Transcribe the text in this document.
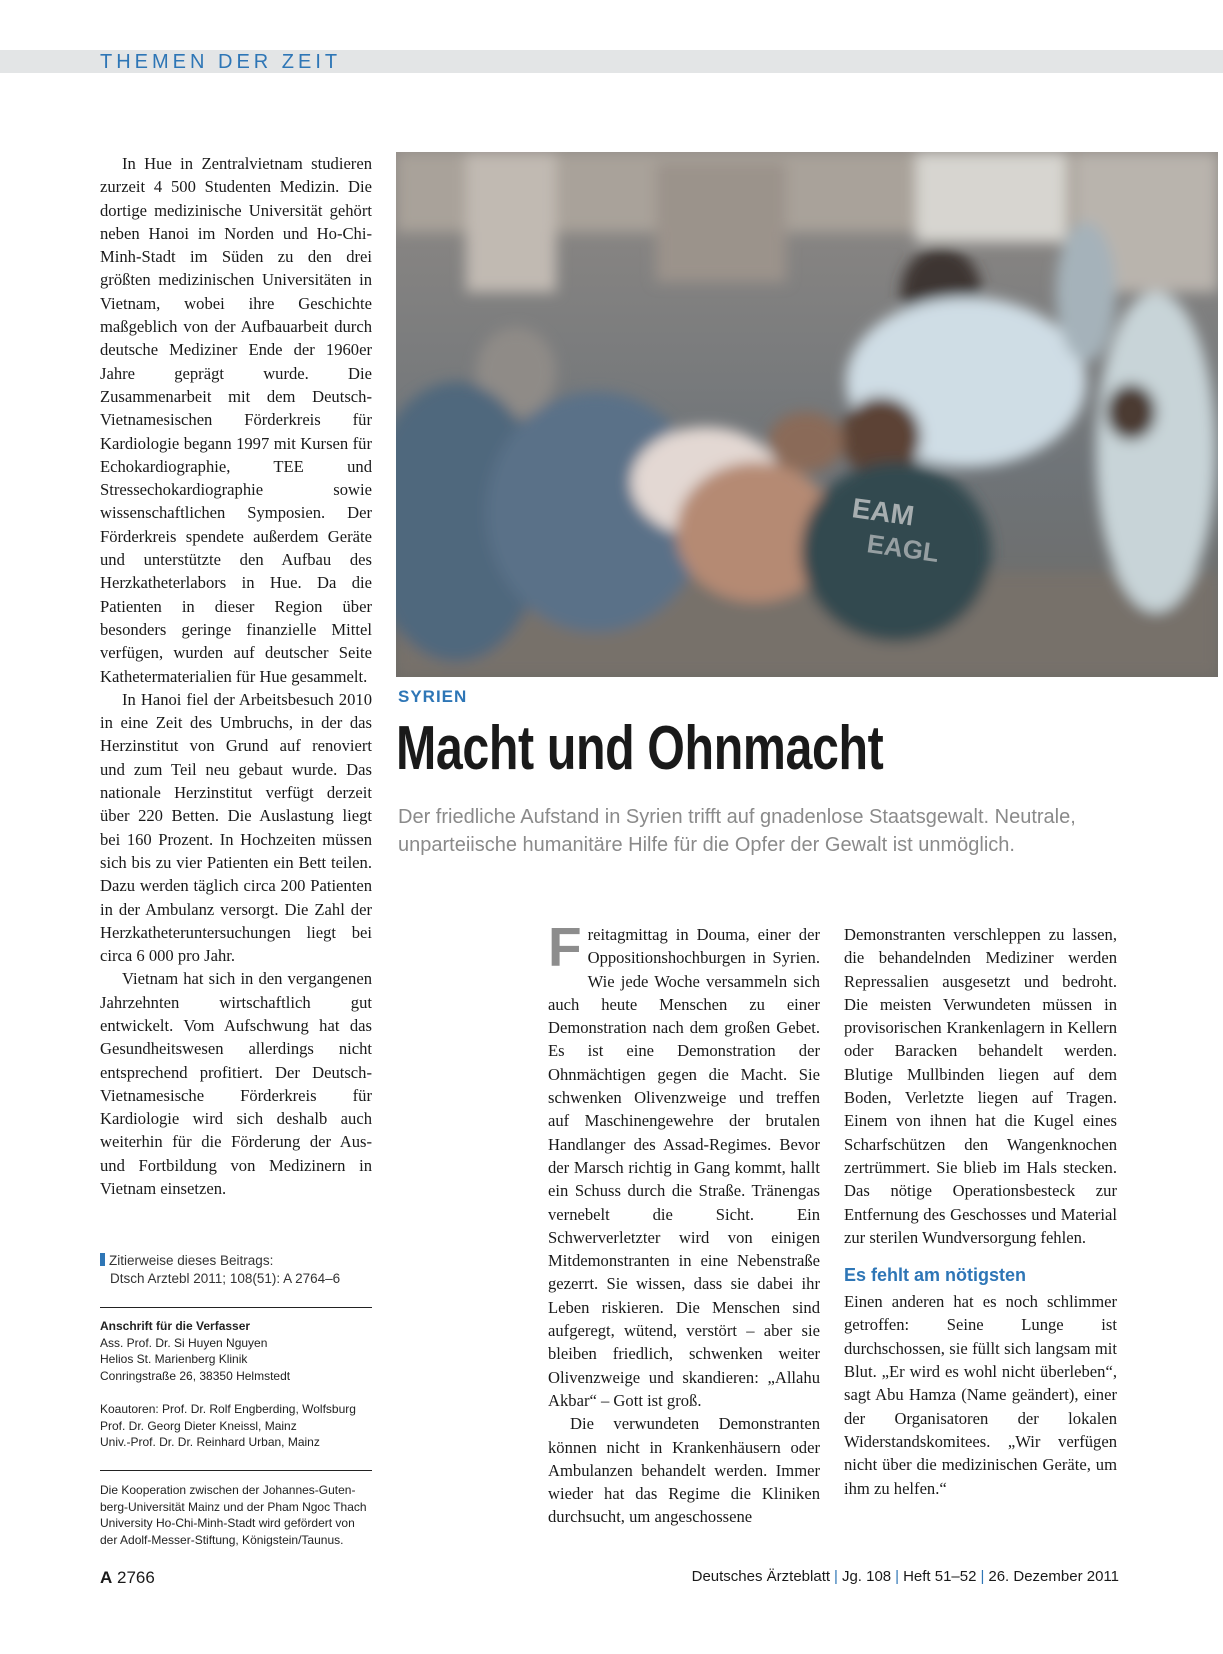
THEMEN DER ZEIT

In Hue in Zentralvietnam studieren zurzeit 4 500 Studenten Medizin. Die dortige medizinische Universität gehört neben Hanoi im Norden und Ho-Chi-Minh-Stadt im Süden zu den drei größten medizinischen Universitäten in Vietnam, wobei ihre Geschichte maßgeblich von der Aufbauarbeit durch deutsche Mediziner Ende der 1960er Jahre geprägt wurde. Die Zusammenarbeit mit dem Deutsch-Vietnamesischen Förderkreis für Kardiologie begann 1997 mit Kursen für Echokardiographie, TEE und Stressechokardiographie sowie wissenschaftlichen Symposien. Der Förderkreis spendete außerdem Geräte und unterstützte den Aufbau des Herzkatheterlabors in Hue. Da die Patienten in dieser Region über besonders geringe finanzielle Mittel verfügen, wurden auf deutscher Seite Kathetermaterialien für Hue gesammelt.

In Hanoi fiel der Arbeitsbesuch 2010 in eine Zeit des Umbruchs, in der das Herzinstitut von Grund auf renoviert und zum Teil neu gebaut wurde. Das nationale Herzinstitut verfügt derzeit über 220 Betten. Die Auslastung liegt bei 160 Prozent. In Hochzeiten müssen sich bis zu vier Patienten ein Bett teilen. Dazu werden täglich circa 200 Patienten in der Ambulanz versorgt. Die Zahl der Herzkatheteruntersuchungen liegt bei circa 6 000 pro Jahr.

Vietnam hat sich in den vergangenen Jahrzehnten wirtschaftlich gut entwickelt. Vom Aufschwung hat das Gesundheitswesen allerdings nicht entsprechend profitiert. Der Deutsch-Vietnamesische Förderkreis für Kardiologie wird sich deshalb auch weiterhin für die Förderung der Aus- und Fortbildung von Medizinern in Vietnam einsetzen.

Zitierweise dieses Beitrags:
Dtsch Arztebl 2011; 108(51): A 2764–6
Anschrift für die Verfasser
Ass. Prof. Dr. Si Huyen Nguyen
Helios St. Marienberg Klinik
Conringstraße 26, 38350 Helmstedt
Koautoren: Prof. Dr. Rolf Engberding, Wolfsburg
Prof. Dr. Georg Dieter Kneissl, Mainz
Univ.-Prof. Dr. Dr. Reinhard Urban, Mainz
Die Kooperation zwischen der Johannes-Guten-
berg-Universität Mainz und der Pham Ngoc Thach
University Ho-Chi-Minh-Stadt wird gefördert von
der Adolf-Messer-Stiftung, Königstein/Taunus.
EAM
EAGL
SYRIEN
Macht und Ohnmacht
Der friedliche Aufstand in Syrien trifft auf gnadenlose Staatsgewalt. Neutrale, unparteiische humanitäre Hilfe für die Opfer der Gewalt ist unmöglich.

Freitagmittag in Douma, einer der Oppositionshochburgen in Syrien. Wie jede Woche versammeln sich auch heute Menschen zu einer Demonstration nach dem großen Gebet. Es ist eine Demonstration der Ohnmächtigen gegen die Macht. Sie schwenken Olivenzweige und treffen auf Maschinengewehre der brutalen Handlanger des Assad-Regimes. Bevor der Marsch richtig in Gang kommt, hallt ein Schuss durch die Straße. Tränengas vernebelt die Sicht. Ein Schwerverletzter wird von einigen Mitdemonstranten in eine Nebenstraße gezerrt. Sie wissen, dass sie dabei ihr Leben riskieren. Die Menschen sind aufgeregt, wütend, verstört – aber sie bleiben friedlich, schwenken weiter Olivenzweige und skandieren: „Allahu Akbar“ – Gott ist groß.

Die verwundeten Demonstranten können nicht in Krankenhäusern oder Ambulanzen behandelt werden. Immer wieder hat das Regime die Kliniken durchsucht, um angeschossene

Demonstranten verschleppen zu lassen, die behandelnden Mediziner werden Repressalien ausgesetzt und bedroht. Die meisten Verwundeten müssen in provisorischen Krankenlagern in Kellern oder Baracken behandelt werden. Blutige Mullbinden liegen auf dem Boden, Verletzte liegen auf Tragen. Einem von ihnen hat die Kugel eines Scharfschützen den Wangenknochen zertrümmert. Sie blieb im Hals stecken. Das nötige Operationsbesteck zur Entfernung des Geschosses und Material zur sterilen Wundversorgung fehlen.

Es fehlt am nötigsten

Einen anderen hat es noch schlimmer getroffen: Seine Lunge ist durchschossen, sie füllt sich langsam mit Blut. „Er wird es wohl nicht überleben“, sagt Abu Hamza (Name geändert), einer der Organisatoren der lokalen Widerstandskomitees. „Wir verfügen nicht über die medizinischen Geräte, um ihm zu helfen.“

A 2766	Deutsches Ärzteblatt | Jg. 108 | Heft 51–52 | 26. Dezember 2011
